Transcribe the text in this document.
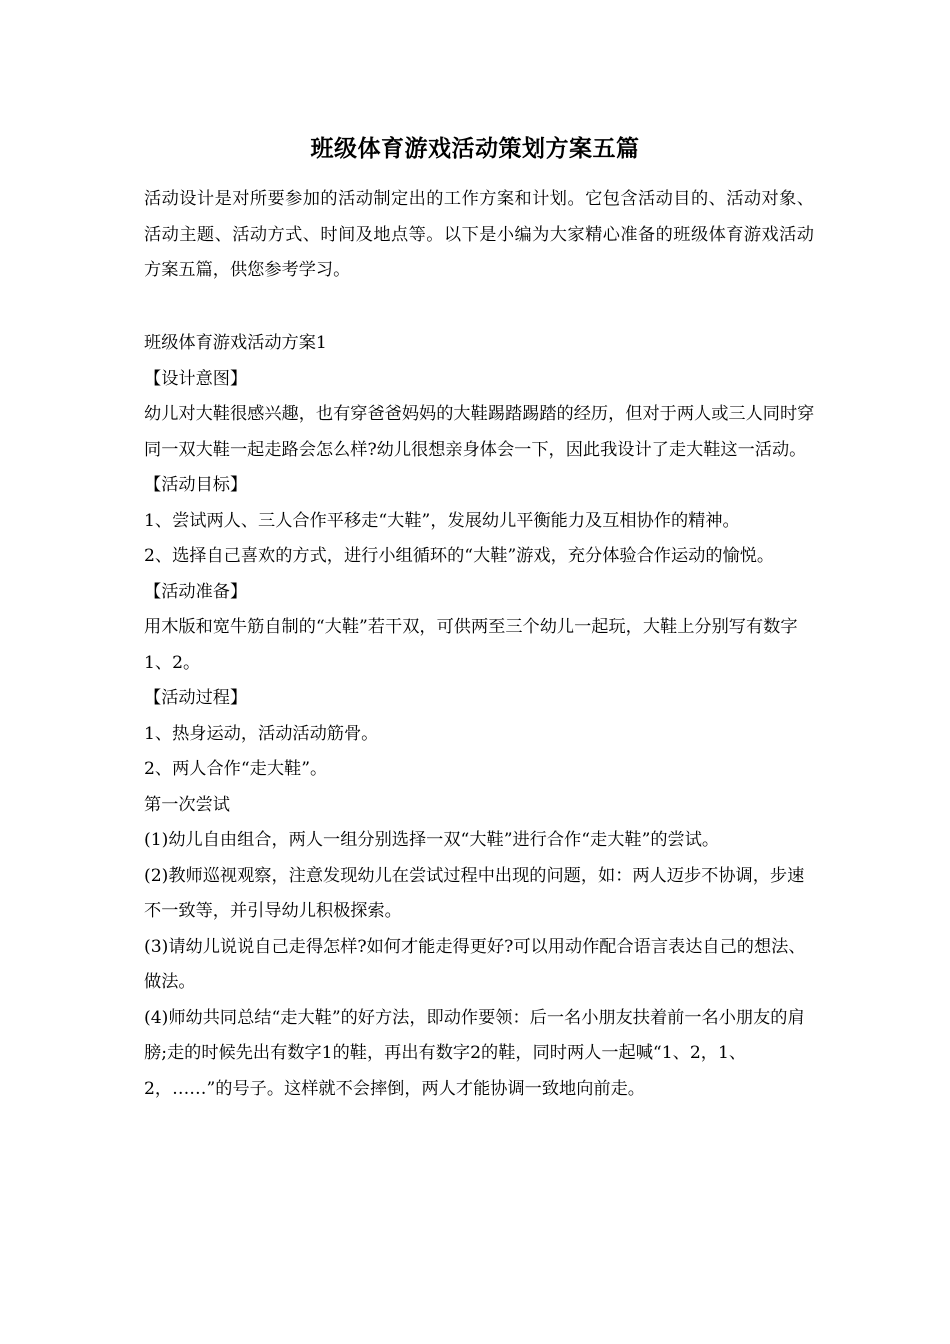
班级体育游戏活动策划方案五篇

活动设计是对所要参加的活动制定出的工作方案和计划。它包含活动目的、活动对象、活动主题、活动方式、时间及地点等。以下是小编为大家精心准备的班级体育游戏活动方案五篇，供您参考学习。

班级体育游戏活动方案1

【设计意图】

幼儿对大鞋很感兴趣，也有穿爸爸妈妈的大鞋踢踏踢踏的经历，但对于两人或三人同时穿同一双大鞋一起走路会怎么样?幼儿很想亲身体会一下，因此我设计了走大鞋这一活动。

【活动目标】

1、尝试两人、三人合作平移走“大鞋”，发展幼儿平衡能力及互相协作的精神。

2、选择自己喜欢的方式，进行小组循环的“大鞋”游戏，充分体验合作运动的愉悦。

【活动准备】

用木版和宽牛筋自制的“大鞋”若干双，可供两至三个幼儿一起玩，大鞋上分别写有数字1、2。

【活动过程】

1、热身运动，活动活动筋骨。

2、两人合作“走大鞋”。

第一次尝试

(1)幼儿自由组合，两人一组分别选择一双“大鞋”进行合作“走大鞋”的尝试。

(2)教师巡视观察，注意发现幼儿在尝试过程中出现的问题，如：两人迈步不协调，步速不一致等，并引导幼儿积极探索。

(3)请幼儿说说自己走得怎样?如何才能走得更好?可以用动作配合语言表达自己的想法、做法。

(4)师幼共同总结“走大鞋”的好方法，即动作要领：后一名小朋友扶着前一名小朋友的肩膀;走的时候先出有数字1的鞋，再出有数字2的鞋，同时两人一起喊“1、2，1、2，……”的号子。这样就不会摔倒，两人才能协调一致地向前走。
